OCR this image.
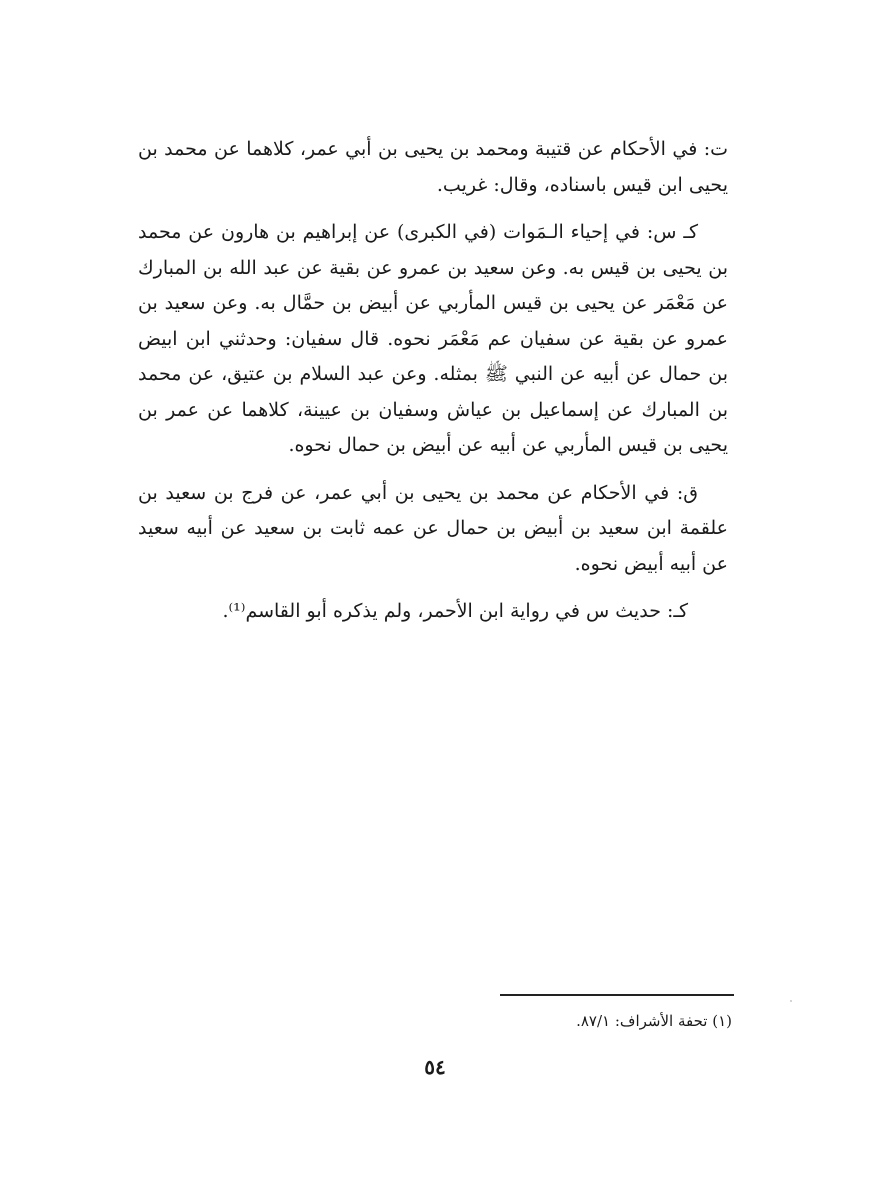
ت: في الأحكام عن قتيبة ومحمد بن يحيى بن أبي عمر، كلاهما عن محمد بن يحيى ابن قيس باسناده، وقال: غريب.

كـ س: في إحياء الـمَوات (في الكبرى) عن إبراهيم بن هارون عن محمد بن يحيى بن قيس به. وعن سعيد بن عمرو عن بقية عن عبد الله بن المبارك عن مَعْمَر عن يحيى بن قيس المأربي عن أبيض بن حمَّال به. وعن سعيد بن عمرو عن بقية عن سفيان عم مَعْمَر نحوه. قال سفيان: وحدثني ابن ابيض بن حمال عن أبيه عن النبي ﷺ بمثله. وعن عبد السلام بن عتيق، عن محمد بن المبارك عن إسماعيل بن عياش وسفيان بن عيينة، كلاهما عن عمر بن يحيى بن قيس المأربي عن أبيه عن أبيض بن حمال نحوه.

ق: في الأحكام عن محمد بن يحيى بن أبي عمر، عن فرج بن سعيد بن علقمة ابن سعيد بن أبيض بن حمال عن عمه ثابت بن سعيد عن أبيه سعيد عن أبيه أبيض نحوه.

كـ: حديث س في رواية ابن الأحمر، ولم يذكره أبو القاسم⁽¹⁾.

(١) تحفة الأشراف: ٨٧/١.
٥٤
